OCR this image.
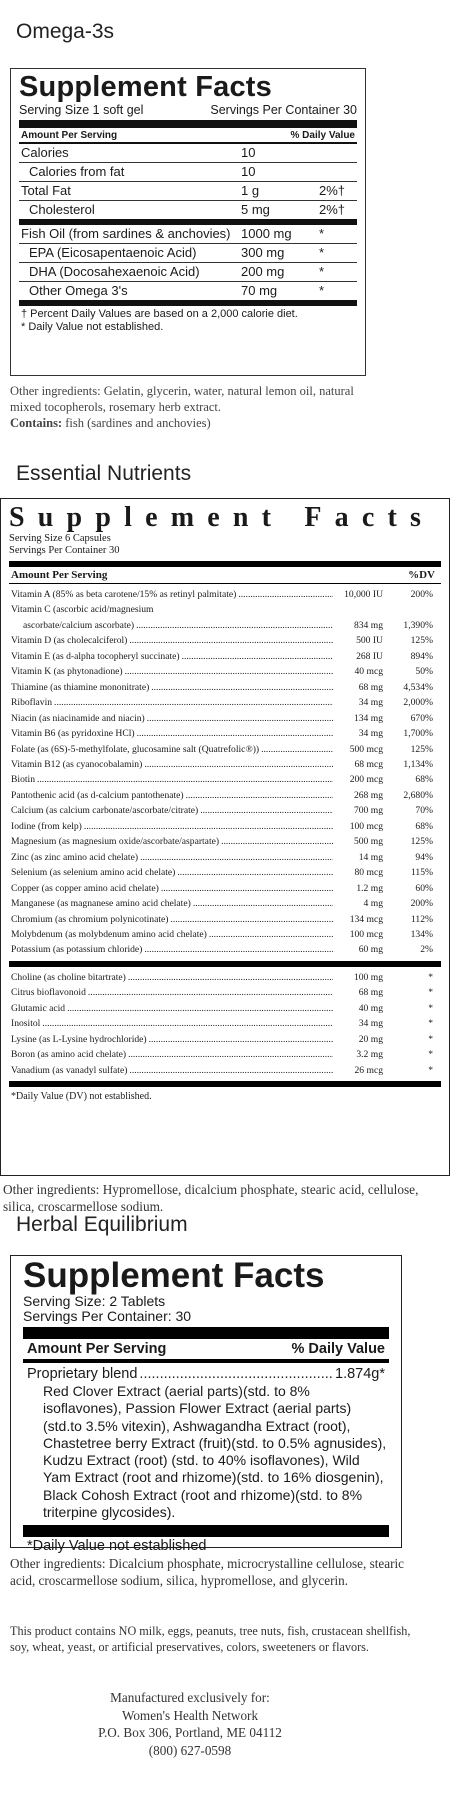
Omega-3s
Supplement Facts
Serving Size 1 soft gel	Servings Per Container 30
Amount Per Serving	% Daily Value
Calories	10
Calories from fat	10
Total Fat	1 g	2%†
Cholesterol	5 mg	2%†
Fish Oil (from sardines & anchovies) 1000 mg	*
EPA (Eicosapentaenoic Acid)	300 mg	*
DHA (Docosahexaenoic Acid)	200 mg	*
Other Omega 3's	70 mg	*
† Percent Daily Values are based on a 2,000 calorie diet.
* Daily Value not established.
Other ingredients: Gelatin, glycerin, water, natural lemon oil, natural mixed tocopherols, rosemary herb extract.
Contains: fish (sardines and anchovies)
Essential Nutrients
Supplement Facts
Serving Size 6 Capsules
Servings Per Container 30
Amount Per Serving	%DV
Vitamin A (85% as beta carotene/15% as retinyl palmitate) .....	10,000 IU	200%
Vitamin C (ascorbic acid/magnesium
ascorbate/calcium ascorbate) .....	834 mg	1,390%
Vitamin D (as cholecalciferol) .....	500 IU	125%
Vitamin E (as d-alpha tocopheryl succinate) .....	268 IU	894%
Vitamin K (as phytonadione) .....	40 mcg	50%
Thiamine (as thiamine mononitrate) .....	68 mg	4,534%
Riboflavin .....	34 mg	2,000%
Niacin (as niacinamide and niacin) .....	134 mg	670%
Vitamin B6 (as pyridoxine HCl) .....	34 mg	1,700%
Folate (as (6S)-5-methylfolate, glucosamine salt (Quatrefolic®)) .....	500 mcg	125%
Vitamin B12 (as cyanocobalamin) .....	68 mcg	1,134%
Biotin .....	200 mcg	68%
Pantothenic acid (as d-calcium pantothenate) .....	268 mg	2,680%
Calcium (as calcium carbonate/ascorbate/citrate) .....	700 mg	70%
Iodine (from kelp) .....	100 mcg	68%
Magnesium (as magnesium oxide/ascorbate/aspartate) .....	500 mg	125%
Zinc (as zinc amino acid chelate) .....	14 mg	94%
Selenium (as selenium amino acid chelate) .....	80 mcg	115%
Copper (as copper amino acid chelate) .....	1.2 mg	60%
Manganese (as magnanese amino acid chelate) .....	4 mg	200%
Chromium (as chromium polynicotinate) .....	134 mcg	112%
Molybdenum (as molybdenum amino acid chelate) .....	100 mcg	134%
Potassium (as potassium chloride) .....	60 mg	2%
Choline (as choline bitartrate) .....	100 mg	*
Citrus bioflavonoid .....	68 mg	*
Glutamic acid .....	40 mg	*
Inositol .....	34 mg	*
Lysine (as L-Lysine hydrochloride) .....	20 mg	*
Boron (as amino acid chelate) .....	3.2 mg	*
Vanadium (as vanadyl sulfate) .....	26 mcg	*
*Daily Value (DV) not established.
Other ingredients: Hypromellose, dicalcium phosphate, stearic acid, cellulose, silica, croscarmellose sodium.
Herbal Equilibrium
Supplement Facts
Serving Size: 2 Tablets
Servings Per Container: 30
Amount Per Serving	% Daily Value
Proprietary blend .....	1.874g*
Red Clover Extract (aerial parts)(std. to 8% isoflavones), Passion Flower Extract (aerial parts)(std.to 3.5% vitexin), Ashwagandha Extract (root), Chastetree berry Extract (fruit)(std. to 0.5% agnusides), Kudzu Extract (root) (std. to 40% isoflavones), Wild Yam Extract (root and rhizome)(std. to 16% diosgenin), Black Cohosh Extract (root and rhizome)(std. to 8% triterpine glycosides).
*Daily Value not established
Other ingredients: Dicalcium phosphate, microcrystalline cellulose, stearic acid, croscarmellose sodium, silica, hypromellose, and glycerin.
This product contains NO milk, eggs, peanuts, tree nuts, fish, crustacean shellfish, soy, wheat, yeast, or artificial preservatives, colors, sweeteners or flavors.
Manufactured exclusively for:
Women's Health Network
P.O. Box 306, Portland, ME 04112
(800) 627-0598
